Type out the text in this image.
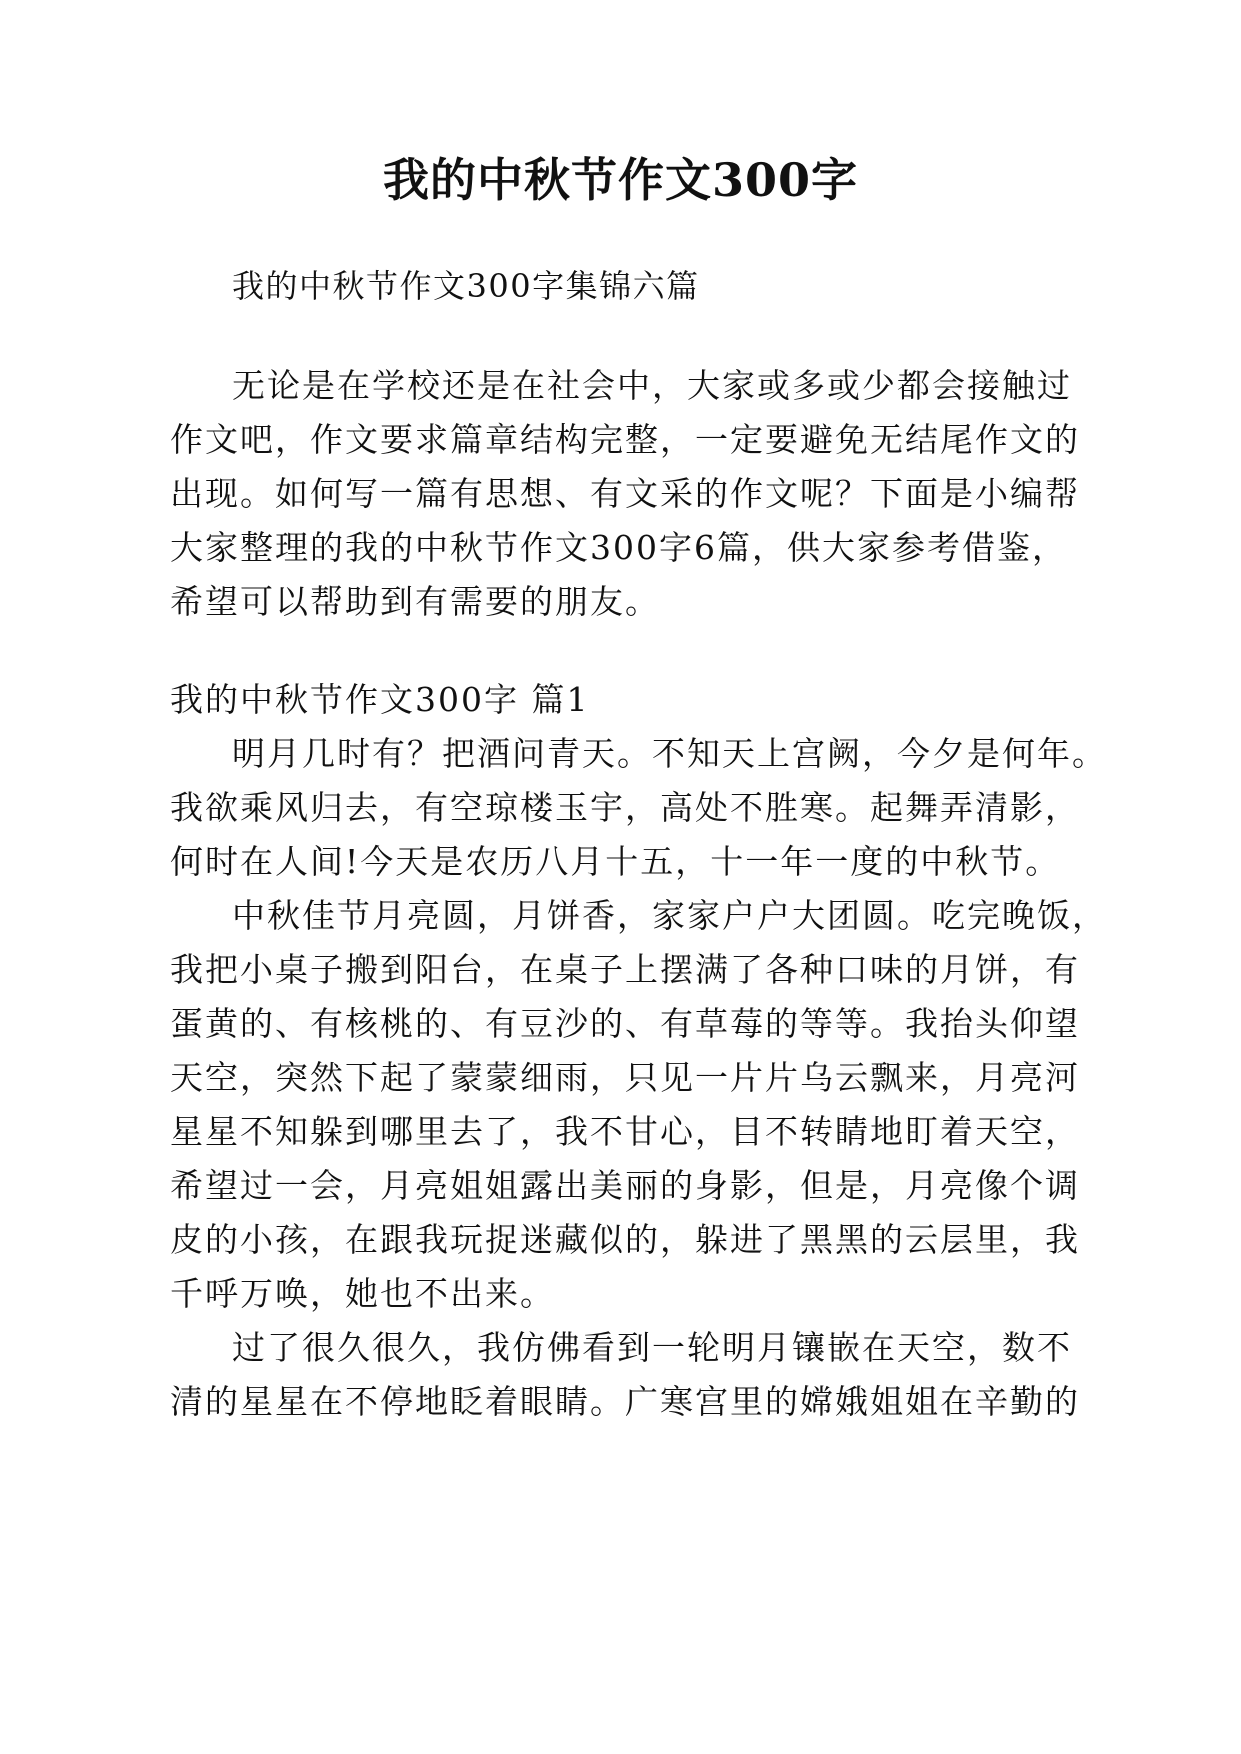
我的中秋节作文300字
我的中秋节作文300字集锦六篇
无论是在学校还是在社会中，大家或多或少都会接触过
作文吧，作文要求篇章结构完整，一定要避免无结尾作文的
出现。如何写一篇有思想、有文采的作文呢？下面是小编帮
大家整理的我的中秋节作文300字6篇，供大家参考借鉴，
希望可以帮助到有需要的朋友。
我的中秋节作文300字 篇1
明月几时有？把酒问青天。不知天上宫阙，今夕是何年。
我欲乘风归去，有空琼楼玉宇，高处不胜寒。起舞弄清影，
何时在人间!今天是农历八月十五，十一年一度的中秋节。
中秋佳节月亮圆，月饼香，家家户户大团圆。吃完晚饭，
我把小桌子搬到阳台，在桌子上摆满了各种口味的月饼，有
蛋黄的、有核桃的、有豆沙的、有草莓的等等。我抬头仰望
天空，突然下起了蒙蒙细雨，只见一片片乌云飘来，月亮河
星星不知躲到哪里去了，我不甘心，目不转睛地盯着天空，
希望过一会，月亮姐姐露出美丽的身影，但是，月亮像个调
皮的小孩，在跟我玩捉迷藏似的，躲进了黑黑的云层里，我
千呼万唤，她也不出来。
过了很久很久，我仿佛看到一轮明月镶嵌在天空，数不
清的星星在不停地眨着眼睛。广寒宫里的嫦娥姐姐在辛勤的
